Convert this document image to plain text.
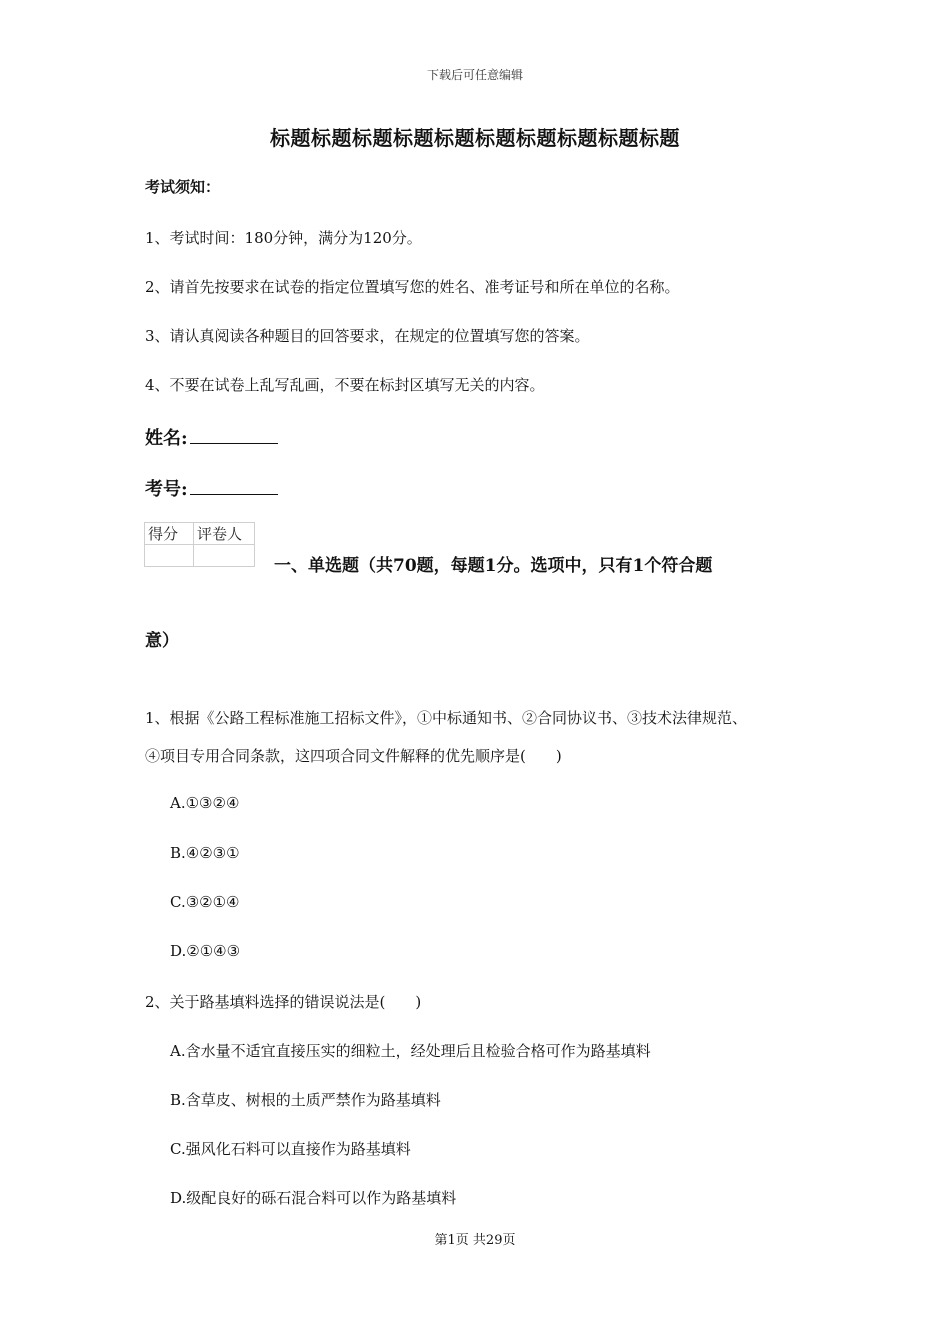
下载后可任意编辑
标题标题标题标题标题标题标题标题标题标题
考试须知：
1、考试时间：180分钟，满分为120分。
2、请首先按要求在试卷的指定位置填写您的姓名、准考证号和所在单位的名称。
3、请认真阅读各种题目的回答要求，在规定的位置填写您的答案。
4、不要在试卷上乱写乱画，不要在标封区填写无关的内容。
姓名:
考号:
得分	评卷人

一、单选题（共70题，每题1分。选项中，只有1个符合题
意）
1、根据《公路工程标准施工招标文件》，①中标通知书、②合同协议书、③技术法律规范、
④项目专用合同条款，这四项合同文件解释的优先顺序是(　　)
A.①③②④
B.④②③①
C.③②①④
D.②①④③
2、关于路基填料选择的错误说法是(　　)
A.含水量不适宜直接压实的细粒土，经处理后且检验合格可作为路基填料
B.含草皮、树根的土质严禁作为路基填料
C.强风化石料可以直接作为路基填料
D.级配良好的砾石混合料可以作为路基填料
第1页 共29页
